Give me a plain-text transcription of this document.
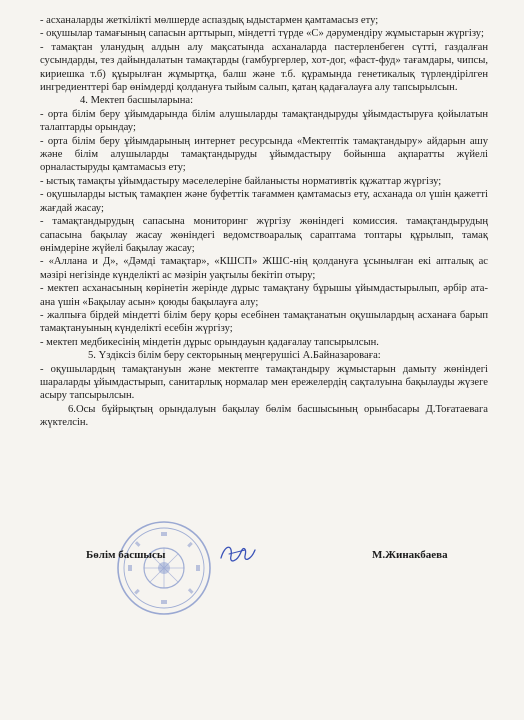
- асханаларды жеткілікті мөлшерде аспаздық ыдыстармен қамтамасыз ету;

- оқушылар тамағының сапасын арттырып, міндетті түрде «С» дәрумендіру жұмыстарын жүргізу;

- тамақтан уланудың алдын алу мақсатында асханаларда пастерленбеген сүтті, газдалған сусындарды, тез дайындалатын тамақтарды (гамбургерлер, хот-дог, «фаст-фуд» тағамдары, чипсы, кириешка т.б) құырылған жұмыртқа, балш және т.б. құрамында генетикалық түрлендірілген ингредиенттері бар өнімдерді қолдануға тыйым салып, қатаң қадағалауға алу тапсырылсын.

4. Мектеп басшыларына:

- орта білім беру ұйымдарында білім алушыларды тамақтандыруды ұйымдастыруға қойылатын талаптарды орындау;

- орта білім беру ұйымдарының интернет ресурсында «Мектептік тамақтандыру» айдарын ашу және білім алушыларды тамақтандыруды ұйымдастыру бойынша ақпаратты жүйелі орналастыруды қамтамасыз ету;

- ыстық тамақты ұйымдастыру мәселелеріне байланысты нормативтік құжаттар жүргізу;

- оқушыларды ыстық тамақпен және буфеттік тағаммен қамтамасыз ету, асханада ол үшін қажетті жағдай жасау;

- тамақтандырудың сапасына мониторинг жүргізу жөніндегі комиссия. тамақтандырудың сапасына бақылау жасау жөніндегі ведомствоаралық сараптама топтары құрылып, тамақ өнімдеріне жүйелі бақылау жасау;

- «Аллана и Д», «Дәмді тамақтар», «КШСП» ЖШС-нің қолдануға ұсынылған екі апталық ас мәзірі негізінде күнделікті ас мәзірін уақтылы бекітіп отыру;

- мектеп асханасының көрінетін жерінде дұрыс тамақтану бұрышы ұйымдастырылып, әрбір ата-ана үшін «Бақылау асын» қоюды бақылауға алу;

- жалпыға бірдей міндетті білім беру қоры есебінен тамақтанатын оқушылардың асханаға барып тамақтануының күнделікті есебін жүргізу;

- мектеп медбикесінің міндетін дұрыс орындауын қадағалау тапсырылсын.

5. Үздіксіз білім беру секторының меңгерушісі А.Байназароваға:

- оқушылардың тамақтануын және мектепте тамақтандыру жұмыстарын дамыту жөніндегі шараларды ұйымдастырып, санитарлық нормалар мен ережелердің сақталуына бақылауды жүзеге асыру тапсырылсын.

6.Осы бұйрықтың орындалуын бақылау бөлім басшысының орынбасары Д.Тоғатаевага жүктелсін.

Бөлім басшысы	М.Жинакбаева
